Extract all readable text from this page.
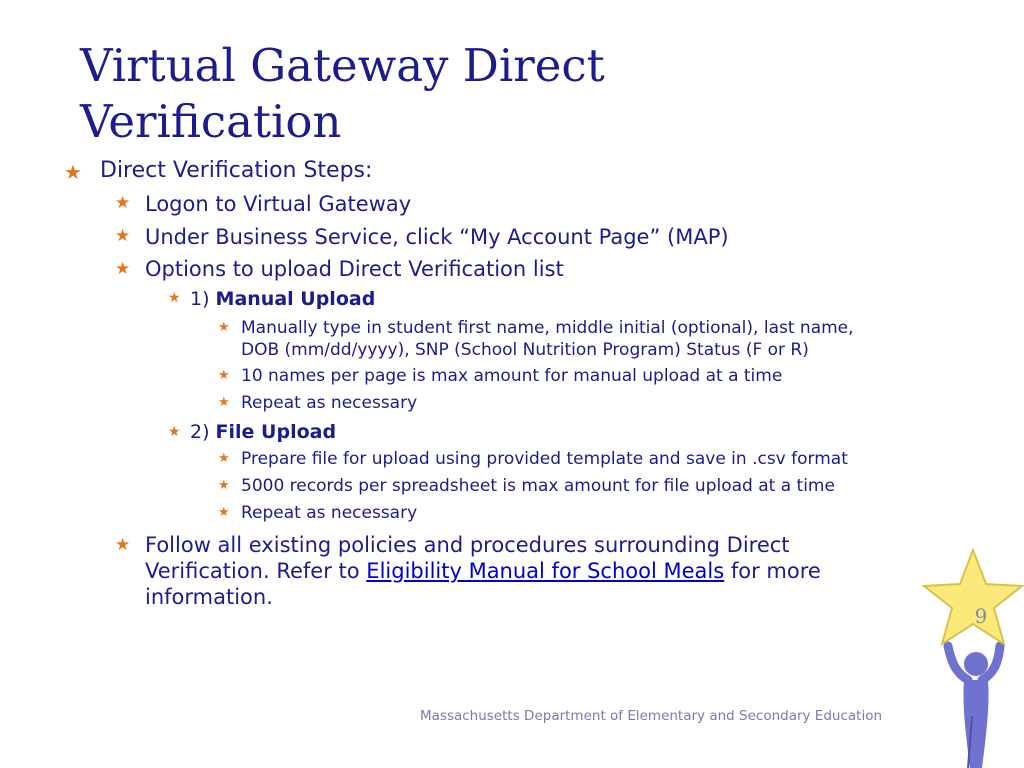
Virtual Gateway Direct
Verification
★ Direct Verification Steps:
★ Logon to Virtual Gateway
★ Under Business Service, click “My Account Page” (MAP)
★ Options to upload Direct Verification list
★ 1) Manual Upload
★ Manually type in student first name, middle initial (optional), last name,
DOB (mm/dd/yyyy), SNP (School Nutrition Program) Status (F or R)
★ 10 names per page is max amount for manual upload at a time
★ Repeat as necessary
★ 2) File Upload
★ Prepare file for upload using provided template and save in .csv format
★ 5000 records per spreadsheet is max amount for file upload at a time
★ Repeat as necessary
★ Follow all existing policies and procedures surrounding Direct
Verification. Refer to Eligibility Manual for School Meals for more
information.
Massachusetts Department of Elementary and Secondary Education
9
